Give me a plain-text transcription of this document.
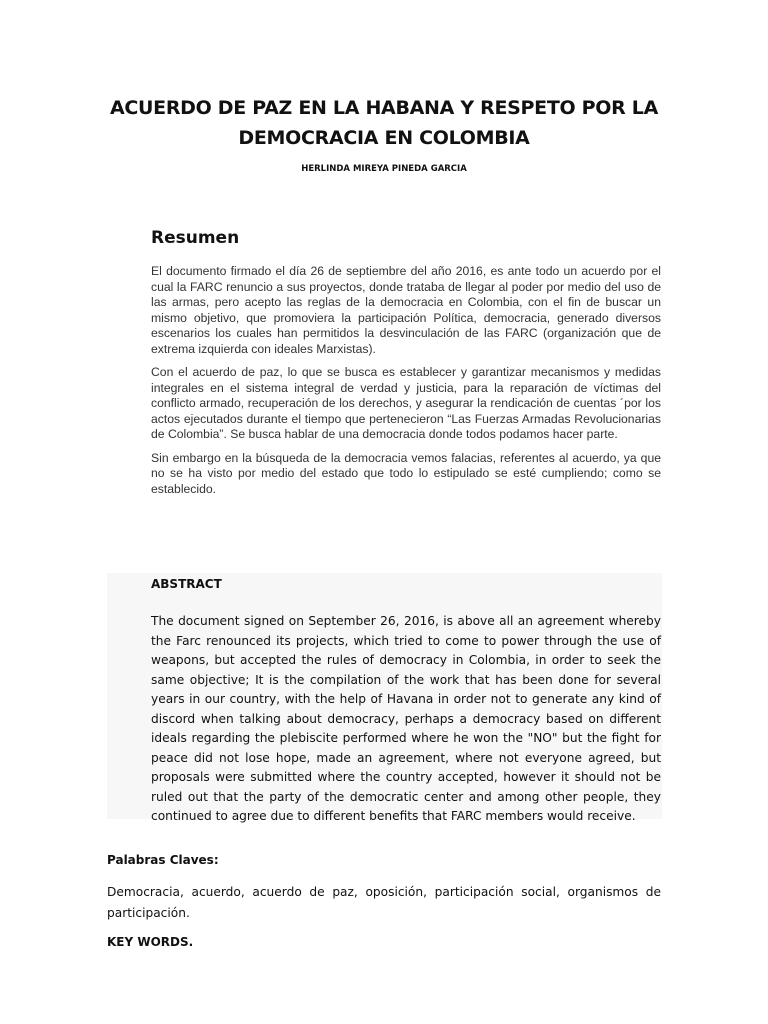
ACUERDO DE PAZ EN LA HABANA Y RESPETO POR LA
DEMOCRACIA EN COLOMBIA
HERLINDA MIREYA PINEDA GARCIA
Resumen

El documento firmado el día 26 de septiembre del año 2016, es ante todo un acuerdo por el cual la FARC renuncio a sus proyectos, donde trataba de llegar al poder por medio del uso de las armas, pero acepto las reglas de la democracia en Colombia, con el fin de buscar un mismo objetivo, que promoviera la participación Política, democracia, generado diversos escenarios los cuales han permitidos la desvinculación de las FARC (organización que de extrema izquierda con ideales Marxistas).

Con el acuerdo de paz, lo que se busca es establecer y garantizar mecanismos y medidas integrales en el sistema integral de verdad y justicia, para la reparación de víctimas del conflicto armado, recuperación de los derechos, y asegurar la rendicación de cuentas ´por los actos ejecutados durante el tiempo que pertenecieron “Las Fuerzas Armadas Revolucionarias de Colombia”. Se busca hablar de una democracia donde todos podamos hacer parte.

Sin embargo en la búsqueda de la democracia vemos falacias, referentes al acuerdo, ya que no se ha visto por medio del estado que todo lo estipulado se esté cumpliendo; como se establecido.

ABSTRACT

The document signed on September 26, 2016, is above all an agreement whereby the Farc renounced its projects, which tried to come to power through the use of weapons, but accepted the rules of democracy in Colombia, in order to seek the same objective; It is the compilation of the work that has been done for several years in our country, with the help of Havana in order not to generate any kind of discord when talking about democracy, perhaps a democracy based on different ideals regarding the plebiscite performed where he won the "NO" but the fight for peace did not lose hope, made an agreement, where not everyone agreed, but proposals were submitted where the country accepted, however it should not be ruled out that the party of the democratic center and among other people, they continued to agree due to different benefits that FARC members would receive.

Palabras Claves:

Democracia, acuerdo, acuerdo de paz, oposición, participación social, organismos de participación.

KEY WORDS.
